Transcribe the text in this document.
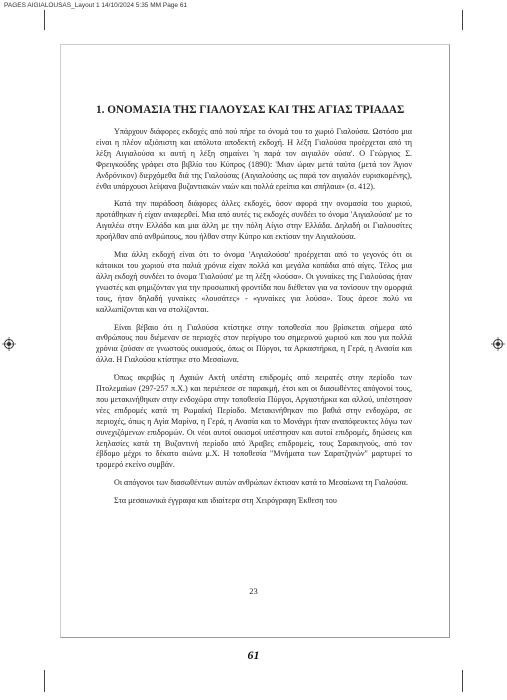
PAGES AIGIALOUSAS_Layout 1 14/10/2024 5:35 ΜΜ Page 61
1. ΟΝΟΜΑΣΙΑ ΤΗΣ ΓΙΑΛΟΥΣΑΣ ΚΑΙ ΤΗΣ ΑΓΙΑΣ ΤΡΙΑΔΑΣ

Υπάρχουν διάφορες εκδοχές από πού πήρε το όνομά του το χωριό Γιαλούσα. Ωστόσο μια είναι η πλέον αξιόπιστη και απόλυτα αποδεκτή εκδοχή. Η λέξη Γιαλούσα προέρχεται από τη λέξη Αιγιαλούσα κι αυτή η λέξη σημαίνει 'η παρά τον αιγιαλόν ούσα'. Ο Γεώργιος Σ. Φρειγκούδης γράφει στο βιβλίο του Κύπρος (1890): 'Μιαν ώραν μετά ταύτα (μετά τον Άγιον Ανδρόνικον) διερχόμεθα διά της Γιαλούσας (Αιγιαλούσης ως παρά τον αιγιαλόν ευρισκομένης), ένθα υπάρχουσι λείψανα βυζαντιακών ναών και πολλά ερείπια και σπήλαια» (σ. 412).

Κατά την παράδοση διάφορες άλλες εκδοχές, όσον αφορά την ονομασία του χωριού, προτάθηκαν ή είχαν αναφερθεί. Μια από αυτές τις εκδοχές συνδέει το όνομα 'Αιγιαλούσα' με το Αιγαλέω στην Ελλάδα και μια άλλη με την πόλη Αίγιο στην Ελλάδα. Δηλαδή οι Γιαλουσίτες προήλθαν από ανθρώπους, που ήλθαν στην Κύπρο και εκτίσαν την Αιγιαλούσα.

Μια άλλη εκδοχή είναι ότι το όνομα 'Αιγιαλούσα' προέρχεται από το γεγονός ότι οι κάτοικοι του χωριού στα παλιά χρόνια είχαν πολλά και μεγάλα κοπάδια από αίγες. Τέλος μια άλλη εκδοχή συνδέει το όνομα 'Γιαλούσα' με τη λέξη «λούσα». Οι γυναίκες της Γιαλούσας ήταν γνωστές και φημιζόνταν για την προσωπική φροντίδα που διέθεταν για να τονίσουν την ομορφιά τους, ήταν δηλαδή γυναίκες «λουσάτες» - «γυναίκες για λούσα». Τους άρεσε πολύ να καλλωπίζονται και να στολίζονται.

Είναι βέβαιο ότι η Γιαλούσα κτίστηκε στην τοποθεσία που βρίσκεται σήμερα από ανθρώπους που διέμεναν σε περιοχές στον περίγυρο του σημερινού χωριού και που για πολλά χρόνια ζούσαν σε γνωστούς οικισμούς, όπως οι Πύργοι, τα Αρκαστήρκα, η Γερά, η Ανασία και άλλα. Η Γιαλούσα κτίστηκε στο Μεσαίωνα.

Όπως ακριβώς η Αχαιών Ακτή υπέστη επιδρομές από πειρατές στην περίοδο των Πτολεμαίων (297-257 π.Χ.) και περιέπεσε σε παρακμή, έτσι και οι διασωθέντες απόγονοί τους, που μετακινήθηκαν στην ενδοχώρα στην τοποθεσία Πύργοι, Αργαστήρκα και αλλού, υπέστησαν νέες επιδρομές κατά τη Ρωμαϊκή Περίοδο. Μετακινήθηκαν πιο βαθιά στην ενδοχώρα, σε περιοχές, όπως η Αγία Μαρίνα, η Γερά, η Ανασία και το Μονάγρι ήταν αναπόφευκτες λόγω των συνεχιζόμενων επιδρομών. Οι νέοι αυτοί οικισμοί υπέστησαν και αυτοί επιδρομές, δηώσεις και λεηλασίες κατά τη Βυζαντινή περίοδο από Άραβες επιδρομείς, τους Σαρακηνούς, από τον έβδομο μέχρι το δέκατο αιώνα μ.Χ. Η τοποθεσία "Μνήματα των Σαρατζηνών" μαρτυρεί το τρομερό εκείνο συμβάν.

Οι απόγονοι των διασωθέντων αυτών ανθρώπων έκτισαν κατά το Μεσαίωνα τη Γιαλούσα.

Στα μεσαιωνικά έγγραφα και ιδιαίτερα στη Χειρόγραφη Έκθεση του

23
61
